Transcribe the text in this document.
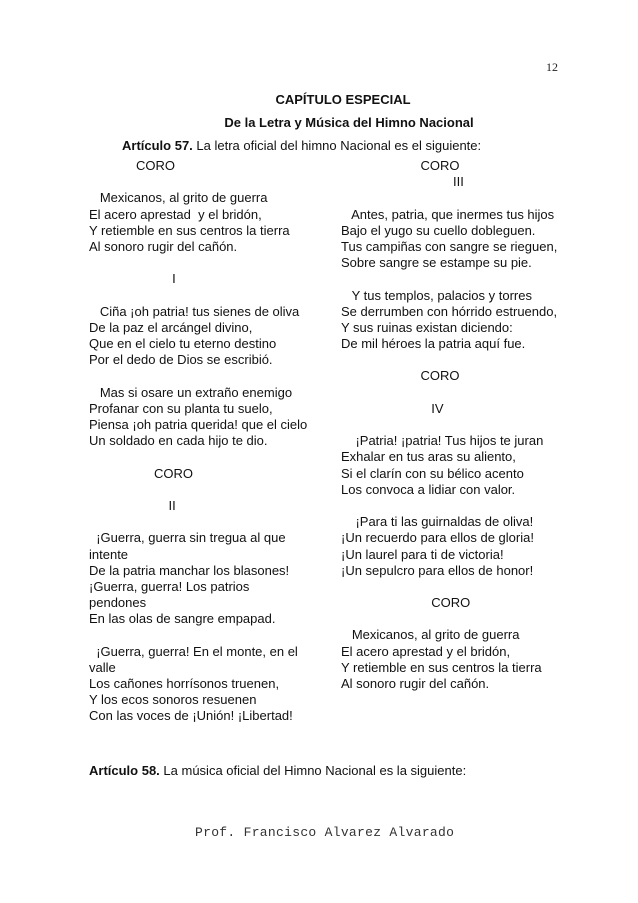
12
CAPÍTULO ESPECIAL
De la Letra y Música del Himno Nacional
Artículo 57. La letra oficial del himno Nacional es el siguiente:
CORO
Mexicanos, al grito de guerra
El acero aprestad  y el bridón,
Y retiemble en sus centros la tierra
Al sonoro rugir del cañón.
I
Ciña ¡oh patria! tus sienes de oliva
De la paz el arcángel divino,
Que en el cielo tu eterno destino
Por el dedo de Dios se escribió.
Mas si osare un extraño enemigo
Profanar con su planta tu suelo,
Piensa ¡oh patria querida! que el cielo
Un soldado en cada hijo te dio.
CORO
II
¡Guerra, guerra sin tregua al que
intente
De la patria manchar los blasones!
¡Guerra, guerra! Los patrios
pendones
En las olas de sangre empapad.
¡Guerra, guerra! En el monte, en el
valle
Los cañones horrísonos truenen,
Y los ecos sonoros resuenen
Con las voces de ¡Unión! ¡Libertad!
CORO
III
Antes, patria, que inermes tus hijos
Bajo el yugo su cuello dobleguen.
Tus campiñas con sangre se rieguen,
Sobre sangre se estampe su pie.
Y tus templos, palacios y torres
Se derrumben con hórrido estruendo,
Y sus ruinas existan diciendo:
De mil héroes la patria aquí fue.
CORO
IV
¡Patria! ¡patria! Tus hijos te juran
Exhalar en tus aras su aliento,
Si el clarín con su bélico acento
Los convoca a lidiar con valor.
¡Para ti las guirnaldas de oliva!
¡Un recuerdo para ellos de gloria!
¡Un laurel para ti de victoria!
¡Un sepulcro para ellos de honor!
CORO
Mexicanos, al grito de guerra
El acero aprestad y el bridón,
Y retiemble en sus centros la tierra
Al sonoro rugir del cañón.
Artículo 58. La música oficial del Himno Nacional es la siguiente:
Prof. Francisco Alvarez Alvarado
